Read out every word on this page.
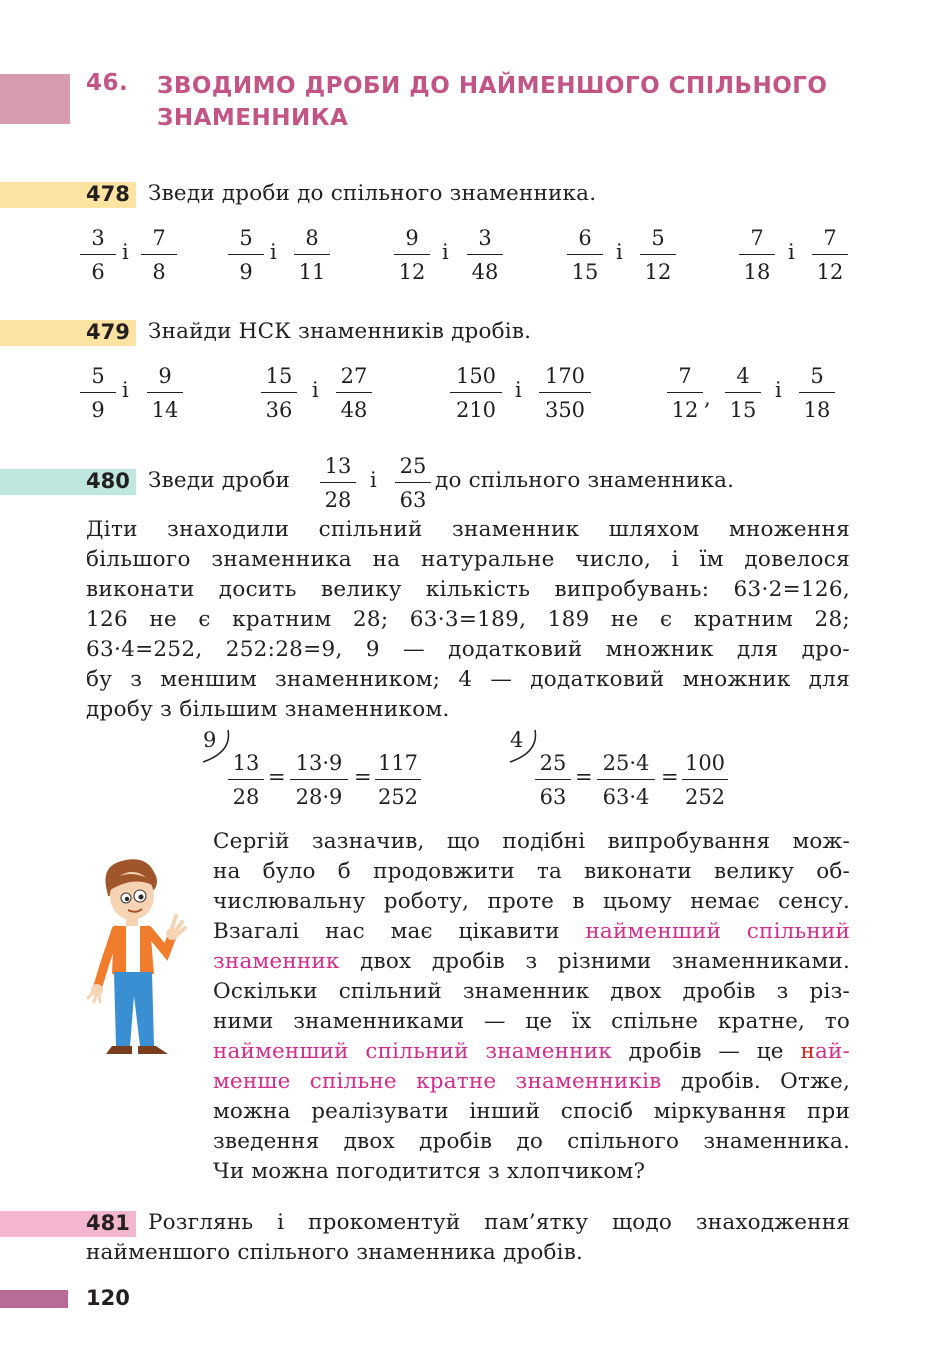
46. ЗВОДИМО ДРОБИ ДО НАЙМЕНШОГО СПІЛЬНОГО
ЗНАМЕННИКА
478 Зведи дроби до спільного знаменника.
3
6
і
7
8
5
9
і
8
11
9
12
і
3
48
6
15
і
5
12
7
18
і
7
12
479 Знайди НСК знаменників дробів.
5
9
і
9
14
15
36
і
27
48
150
210
і
170
350
7
12 ,
4
15
і
5
18
480 Зведи дроби
13
28
і
25
63
до спільного знаменника.
Діти знаходили спільний знаменник шляхом множення
більшого знаменника на натуральне число, і їм довелося
виконати досить велику кількість випробувань: 63·2=126,
126 не є кратним 28; 63·3=189, 189 не є кратним 28;
63·4=252, 252:28=9, 9 — додатковий множник для дро-
бу з меншим знаменником; 4 — додатковий множник для
дробу з більшим знаменником.
9
13
28
=
13·9
28·9
=
117
252
4
25
63
=
25·4
63·4
=
100
252
Сергій зазначив, що подібні випробування мож-
на було б продовжити та виконати велику об-
числювальну роботу, проте в цьому немає сенсу.
Взагалі нас має цікавити найменший спільний
знаменник двох дробів з різними знаменниками.
Оскільки спільний знаменник двох дробів з різ-
ними знаменниками — це їх спільне кратне, то
найменший спільний знаменник дробів — це най-
менше спільне кратне знаменників дробів. Отже,
можна реалізувати інший спосіб міркування при
зведення двох дробів до спільного знаменника.
Чи можна погодитится з хлопчиком?
481 Розглянь і прокоментуй пам’ятку щодо знаходження
найменшого спільного знаменника дробів.
120
